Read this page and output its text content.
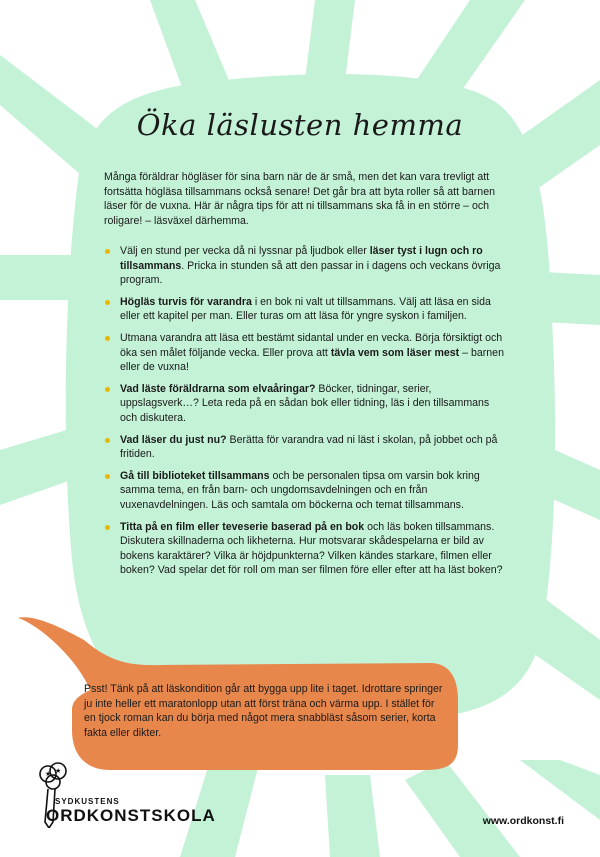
Öka läslusten hemma
Många föräldrar högläser för sina barn när de är små, men det kan vara trevligt att fortsätta högläsa tillsammans också senare! Det går bra att byta roller så att barnen läser för de vuxna. Här är några tips för att ni tillsammans ska få in en större – och roligare! – läsväxel därhemma.
Välj en stund per vecka då ni lyssnar på ljudbok eller läser tyst i lugn och ro tillsammans. Pricka in stunden så att den passar in i dagens och veckans övriga program.
Högläs turvis för varandra i en bok ni valt ut tillsammans. Välj att läsa en sida eller ett kapitel per man. Eller turas om att läsa för yngre syskon i familjen.
Utmana varandra att läsa ett bestämt sidantal under en vecka. Börja försiktigt och öka sen målet följande vecka. Eller prova att tävla vem som läser mest – barnen eller de vuxna!
Vad läste föräldrarna som elvaåringar? Böcker, tidningar, serier, uppslagsverk…? Leta reda på en sådan bok eller tidning, läs i den tillsammans och diskutera.
Vad läser du just nu? Berätta för varandra vad ni läst i skolan, på jobbet och på fritiden.
Gå till biblioteket tillsammans och be personalen tipsa om varsin bok kring samma tema, en från barn- och ungdomsavdelningen och en från vuxenavdelningen. Läs och samtala om böckerna och temat tillsammans.
Titta på en film eller teveserie baserad på en bok och läs boken tillsammans. Diskutera skillnaderna och likheterna. Hur motsvarar skådespelarna er bild av bokens karaktärer? Vilka är höjdpunkterna? Vilken kändes starkare, filmen eller boken? Vad spelar det för roll om man ser filmen före eller efter att ha läst boken?
Psst! Tänk på att läskondition går att bygga upp lite i taget. Idrottare springer ju inte heller ett maratonlopp utan att först träna och värma upp. I stället för en tjock roman kan du börja med något mera snabbläst såsom serier, korta fakta eller dikter.
★ ★
SYDKUSTENS
ORDKONSTSKOLA	www.ordkonst.fi
